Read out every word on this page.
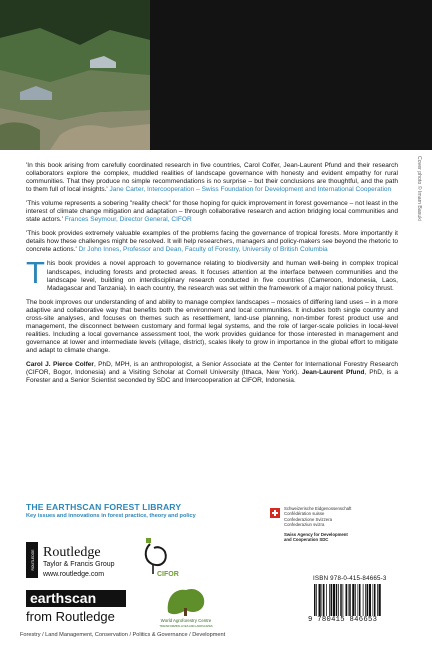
Cover photo © Imam Basuki

'In this book arising from carefully coordinated research in five countries, Carol Colfer, Jean-Laurent Pfund and their research collaborators explore the complex, muddled realities of landscape governance with honesty and evident empathy for rural communities. That they produce no simple recommendations is no surprise – but their conclusions are thoughtful, and the path to them full of local insights.' Jane Carter, Intercooperation – Swiss Foundation for Development and International Cooperation

'This volume represents a sobering "reality check" for those hoping for quick improvement in forest governance – not least in the interest of climate change mitigation and adaptation – through collaborative research and action bridging local communities and state actors.' Frances Seymour, Director General, CIFOR

'This book provides extremely valuable examples of the problems facing the governance of tropical forests. More importantly it details how these challenges might be resolved. It will help researchers, managers and policy-makers see beyond the rhetoric to concrete actions.' Dr John Innes, Professor and Dean, Faculty of Forestry, University of British Columbia

This book provides a novel approach to governance relating to biodiversity and human well-being in complex tropical landscapes, including forests and protected areas. It focuses attention at the interface between communities and the landscape level, building on interdisciplinary research conducted in five countries (Cameroon, Indonesia, Laos, Madagascar and Tanzania). In each country, the research was set within the framework of a major national policy thrust.

The book improves our understanding of and ability to manage complex landscapes – mosaics of differing land uses – in a more adaptive and collaborative way that benefits both the environment and local communities. It includes both single country and cross-site analyses, and focuses on themes such as resettlement, land-use planning, non-timber forest product use and management, the disconnect between customary and formal legal systems, and the role of larger-scale policies in local-level realities. Including a local governance assessment tool, the work provides guidance for those interested in management and governance at lower and intermediate levels (village, district), scales likely to grow in importance in the global effort to mitigate and adapt to climate change.

Carol J. Pierce Colfer, PhD, MPH, is an anthropologist, a Senior Associate at the Center for International Forestry Research (CIFOR, Bogor, Indonesia) and a Visiting Scholar at Cornell University (Ithaca, New York). Jean-Laurent Pfund, PhD, is a Forester and a Senior Scientist seconded by SDC and Intercooperation at CIFOR, Indonesia.

THE EARTHSCAN FOREST LIBRARY
Key issues and innovations in forest practice, theory and policy
ROUTLEDGE Routledge
Taylor & Francis Group
www.routledge.com	CIFOR
earthscan
from Routledge	World Agroforestry Centre
TRANSFORMING LIVES AND LANDSCAPES
Schweizerische Eidgenossenschaft
Confédération suisse
Confederazione Svizzera
Confederaziun svizra
Swiss Agency for Development
and Cooperation SDC
ISBN 978-0-415-84665-3
9 780415 846653
Forestry / Land Management, Conservation / Politics & Governance / Development
